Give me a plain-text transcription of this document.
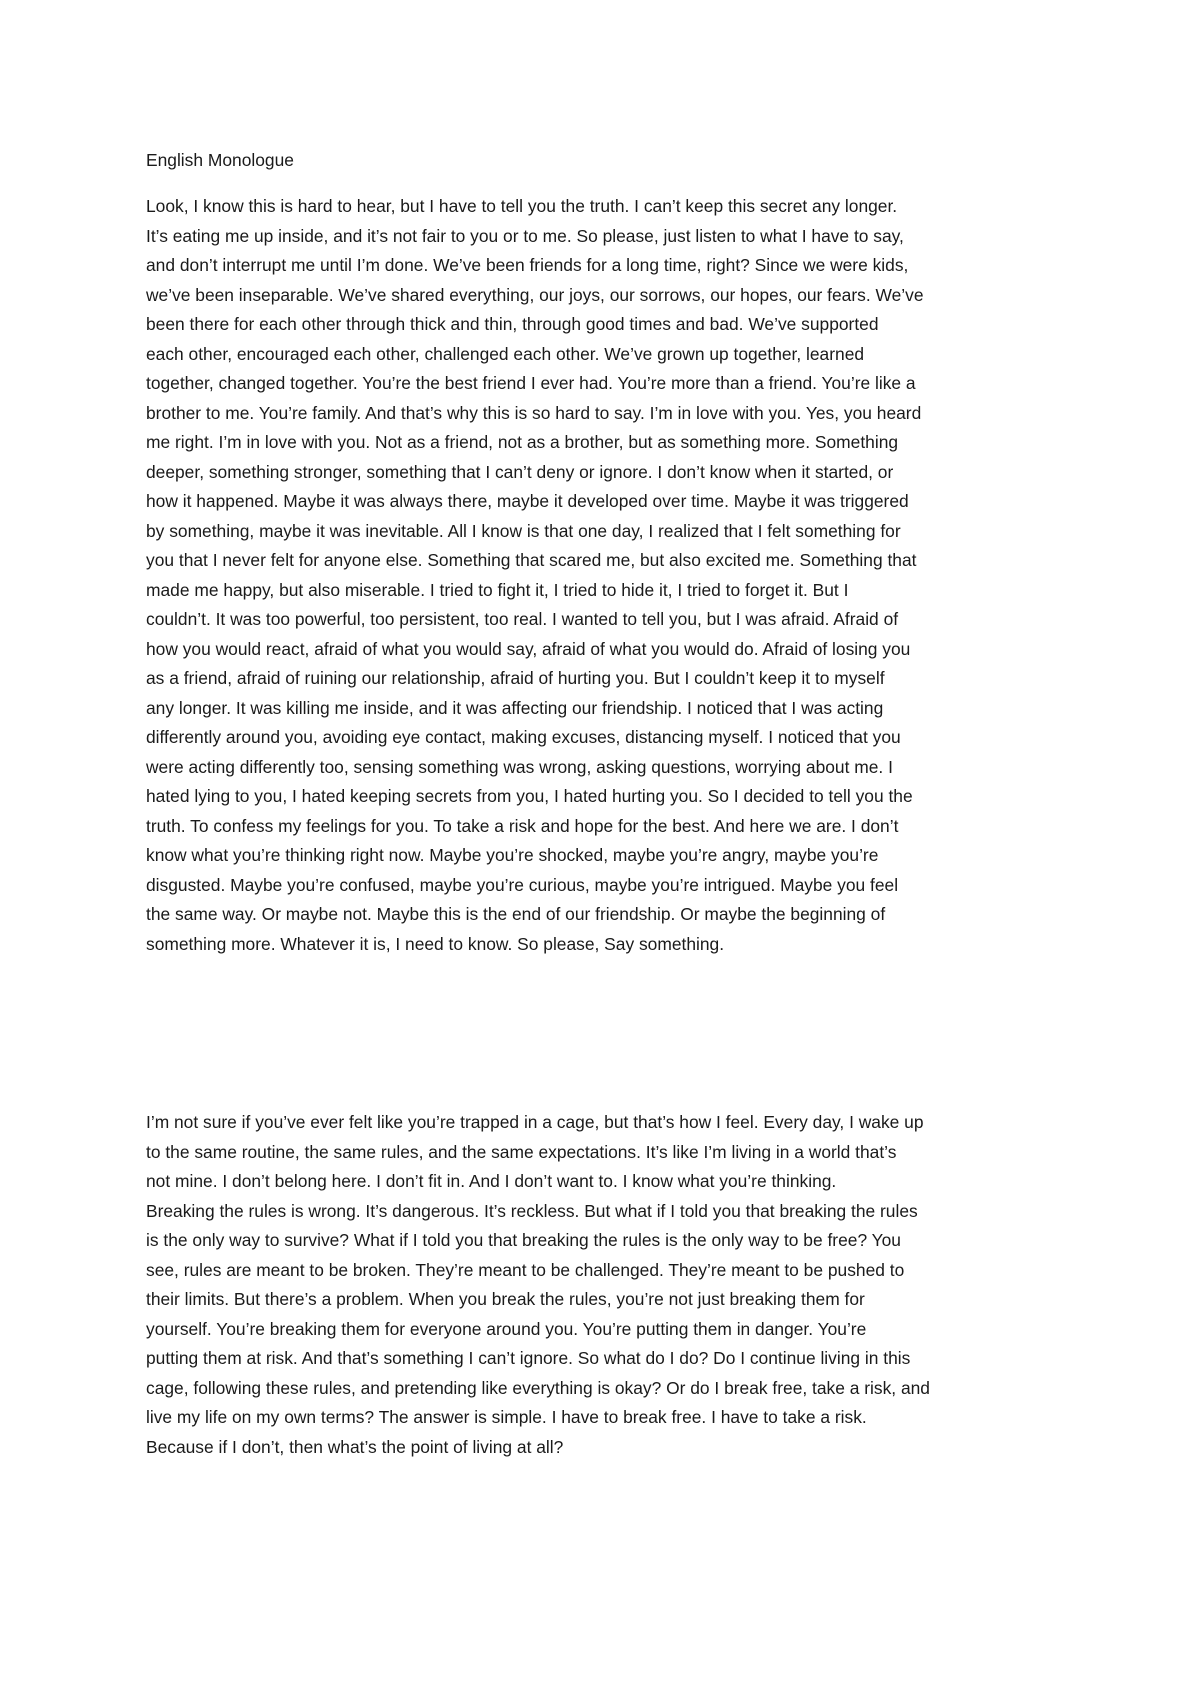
English Monologue
Look, I know this is hard to hear, but I have to tell you the truth. I can’t keep this secret any longer.
It’s eating me up inside, and it’s not fair to you or to me. So please, just listen to what I have to say,
and don’t interrupt me until I’m done. We’ve been friends for a long time, right? Since we were kids,
we’ve been inseparable. We’ve shared everything, our joys, our sorrows, our hopes, our fears. We’ve
been there for each other through thick and thin, through good times and bad. We’ve supported
each other, encouraged each other, challenged each other. We’ve grown up together, learned
together, changed together. You’re the best friend I ever had. You’re more than a friend. You’re like a
brother to me. You’re family. And that’s why this is so hard to say. I’m in love with you. Yes, you heard
me right. I’m in love with you. Not as a friend, not as a brother, but as something more. Something
deeper, something stronger, something that I can’t deny or ignore. I don’t know when it started, or
how it happened. Maybe it was always there, maybe it developed over time. Maybe it was triggered
by something, maybe it was inevitable. All I know is that one day, I realized that I felt something for
you that I never felt for anyone else. Something that scared me, but also excited me. Something that
made me happy, but also miserable. I tried to fight it, I tried to hide it, I tried to forget it. But I
couldn’t. It was too powerful, too persistent, too real. I wanted to tell you, but I was afraid. Afraid of
how you would react, afraid of what you would say, afraid of what you would do. Afraid of losing you
as a friend, afraid of ruining our relationship, afraid of hurting you. But I couldn’t keep it to myself
any longer. It was killing me inside, and it was affecting our friendship. I noticed that I was acting
differently around you, avoiding eye contact, making excuses, distancing myself. I noticed that you
were acting differently too, sensing something was wrong, asking questions, worrying about me. I
hated lying to you, I hated keeping secrets from you, I hated hurting you. So I decided to tell you the
truth. To confess my feelings for you. To take a risk and hope for the best. And here we are. I don’t
know what you’re thinking right now. Maybe you’re shocked, maybe you’re angry, maybe you’re
disgusted. Maybe you’re confused, maybe you’re curious, maybe you’re intrigued. Maybe you feel
the same way. Or maybe not. Maybe this is the end of our friendship. Or maybe the beginning of
something more. Whatever it is, I need to know. So please, Say something.
I’m not sure if you’ve ever felt like you’re trapped in a cage, but that’s how I feel. Every day, I wake up
to the same routine, the same rules, and the same expectations. It’s like I’m living in a world that’s
not mine. I don’t belong here. I don’t fit in. And I don’t want to. I know what you’re thinking.
Breaking the rules is wrong. It’s dangerous. It’s reckless. But what if I told you that breaking the rules
is the only way to survive? What if I told you that breaking the rules is the only way to be free? You
see, rules are meant to be broken. They’re meant to be challenged. They’re meant to be pushed to
their limits. But there’s a problem. When you break the rules, you’re not just breaking them for
yourself. You’re breaking them for everyone around you. You’re putting them in danger. You’re
putting them at risk. And that’s something I can’t ignore. So what do I do? Do I continue living in this
cage, following these rules, and pretending like everything is okay? Or do I break free, take a risk, and
live my life on my own terms? The answer is simple. I have to break free. I have to take a risk.
Because if I don’t, then what’s the point of living at all?
